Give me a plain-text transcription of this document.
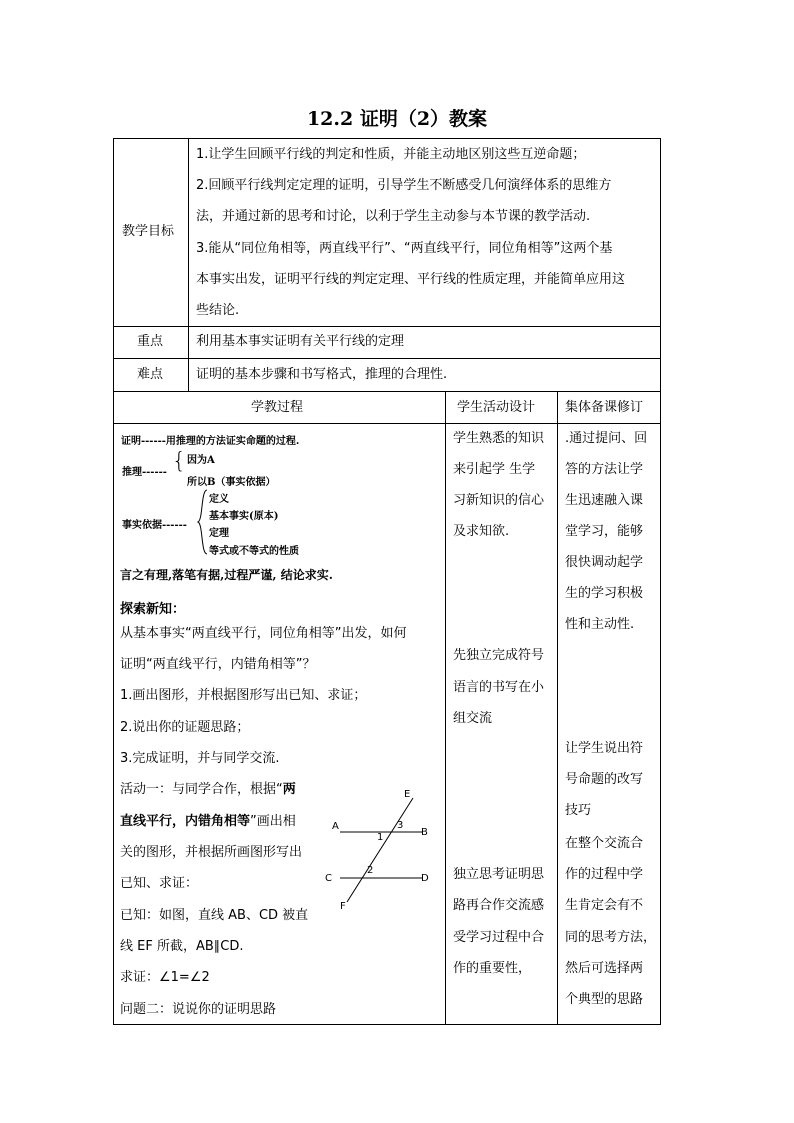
12.2 证明（2）教案
教学目标
重点
难点
1.让学生回顾平行线的判定和性质，并能主动地区别这些互逆命题；
2.回顾平行线判定定理的证明，引导学生不断感受几何演绎体系的思维方
法，并通过新的思考和讨论，以利于学生主动参与本节课的教学活动.
3.能从“同位角相等，两直线平行”、“两直线平行，同位角相等”这两个基
本事实出发，证明平行线的判定定理、平行线的性质定理，并能简单应用这
些结论.
利用基本事实证明有关平行线的定理
证明的基本步骤和书写格式，推理的合理性.
学教过程	学生活动设计 集体备课修订
证明------用推理的方法证实命题的过程.
推理------ { 因为A
所以B（事实依据）
事实依据------
定义
基本事实(原本)
定理
等式或不等式的性质
言之有理,落笔有据,过程严谨, 结论求实.
探索新知：
从基本事实“两直线平行，同位角相等”出发，如何
证明“两直线平行，内错角相等”？
1.画出图形，并根据图形写出已知、求证；
2.说出你的证题思路；
3.完成证明，并与同学交流.
活动一：与同学合作，根据“两
直线平行，内错角相等”画出相
关的图形，并根据所画图形写出
已知、求证：
已知：如图，直线 AB、CD 被直
线 EF 所截，AB∥CD.
求证：∠1=∠2
问题二：说说你的证明思路
E
A
B
1
3
2
C	D
F
学生熟悉的知识
来引起学 生学
习新知识的信心
及求知欲.
先独立完成符号
语言的书写在小
组交流
独立思考证明思
路再合作交流感
受学习过程中合
作的重要性，
.通过提问、回
答的方法让学
生迅速融入课
堂学习，能够
很快调动起学
生的学习积极
性和主动性.
让学生说出符
号命题的改写
技巧
在整个交流合
作的过程中学
生肯定会有不
同的思考方法，
然后可选择两
个典型的思路
